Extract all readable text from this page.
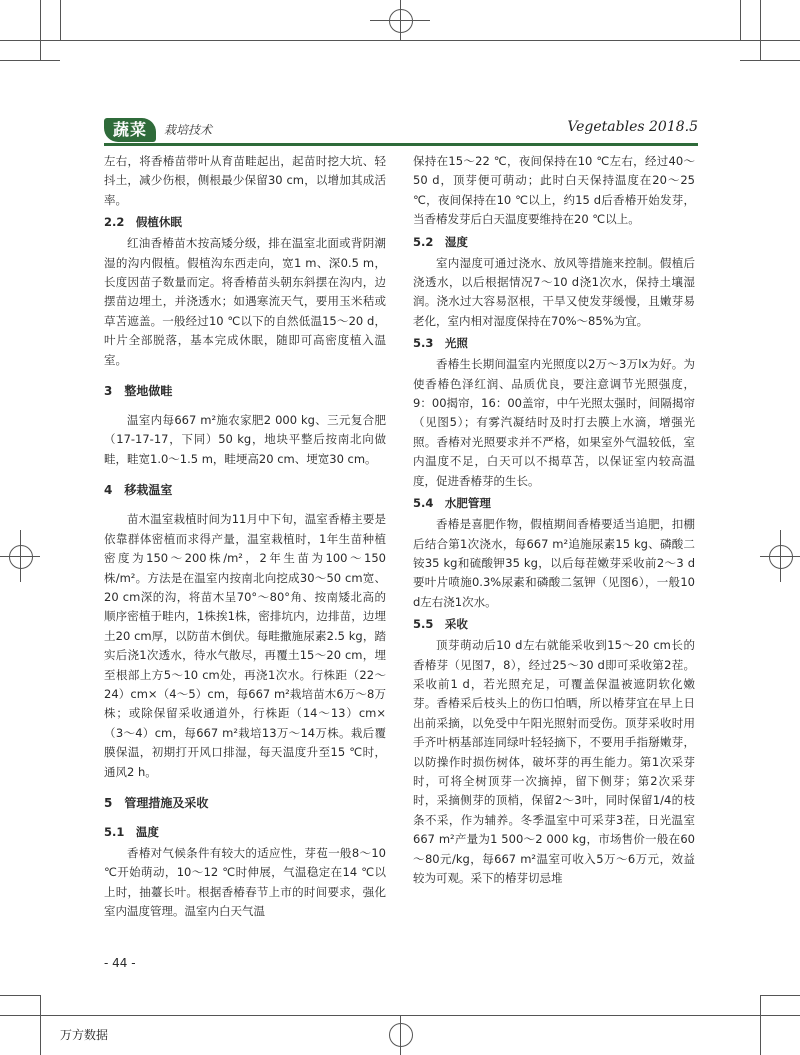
蔬菜	栽培技术	Vegetables 2018.5

左右，将香椿苗带叶从育苗畦起出，起苗时挖大坑、轻抖土，减少伤根，侧根最少保留30 cm，以增加其成活率。

2.2　假植休眠

红油香椿苗木按高矮分级，排在温室北面或背阴潮湿的沟内假植。假植沟东西走向，宽1 m、深0.5 m，长度因苗子数量而定。将香椿苗头朝东斜摆在沟内，边摆苗边埋土，并浇透水；如遇寒流天气，要用玉米秸或草苫遮盖。一般经过10 ℃以下的自然低温15～20 d，叶片全部脱落，基本完成休眠，随即可高密度植入温室。

3　整地做畦

温室内每667 m²施农家肥2 000 kg、三元复合肥（17-17-17，下同）50 kg，地块平整后按南北向做畦，畦宽1.0～1.5 m，畦埂高20 cm、埂宽30 cm。

4　移栽温室

苗木温室栽植时间为11月中下旬，温室香椿主要是依靠群体密植而求得产量，温室栽植时，1年生苗种植密度为150～200株/m²，2年生苗为100～150株/m²。方法是在温室内按南北向挖成30～50 cm宽、20 cm深的沟，将苗木呈70°～80°角、按南矮北高的顺序密植于畦内，1株挨1株，密排坑内，边排苗，边埋土20 cm厚，以防苗木倒伏。每畦撒施尿素2.5 kg，踏实后浇1次透水，待水气散尽，再覆土15～20 cm，埋至根部上方5～10 cm处，再浇1次水。行株距（22～24）cm×（4～5）cm，每667 m²栽培苗木6万～8万株；或除保留采收通道外，行株距（14～13）cm×（3～4）cm，每667 m²栽培13万～14万株。栽后覆膜保温，初期打开风口排湿，每天温度升至15 ℃时，通风2 h。

5　管理措施及采收
5.1　温度

香椿对气候条件有较大的适应性，芽苞一般8～10 ℃开始萌动，10～12 ℃时伸展，气温稳定在14 ℃以上时，抽薹长叶。根据香椿春节上市的时间要求，强化室内温度管理。温室内白天气温

保持在15～22 ℃，夜间保持在10 ℃左右，经过40～50 d，顶芽便可萌动；此时白天保持温度在20～25 ℃，夜间保持在10 ℃以上，约15 d后香椿开始发芽，当香椿发芽后白天温度要维持在20 ℃以上。

5.2　湿度

室内湿度可通过浇水、放风等措施来控制。假植后浇透水，以后根据情况7～10 d浇1次水，保持土壤湿润。浇水过大容易沤根，干旱又使发芽缓慢，且嫩芽易老化，室内相对湿度保持在70%～85%为宜。

5.3　光照

香椿生长期间温室内光照度以2万～3万lx为好。为使香椿色泽红润、品质优良，要注意调节光照强度，9：00揭帘，16：00盖帘，中午光照太强时，间隔揭帘（见图5）；有雾汽凝结时及时打去膜上水滴，增强光照。香椿对光照要求并不严格，如果室外气温较低，室内温度不足，白天可以不揭草苫，以保证室内较高温度，促进香椿芽的生长。

5.4　水肥管理

香椿是喜肥作物，假植期间香椿要适当追肥，扣棚后结合第1次浇水，每667 m²追施尿素15 kg、磷酸二铵35 kg和硫酸钾35 kg，以后每茬嫩芽采收前2～3 d要叶片喷施0.3%尿素和磷酸二氢钾（见图6），一般10 d左右浇1次水。

5.5　采收

顶芽萌动后10 d左右就能采收到15～20 cm长的香椿芽（见图7，8），经过25～30 d即可采收第2茬。采收前1 d，若光照充足，可覆盖保温被遮阴软化嫩芽。香椿采后枝头上的伤口怕晒，所以椿芽宜在早上日出前采摘，以免受中午阳光照射而受伤。顶芽采收时用手齐叶柄基部连同绿叶轻轻摘下，不要用手指掰嫩芽，以防操作时损伤树体，破坏芽的再生能力。第1次采芽时，可将全树顶芽一次摘掉，留下侧芽；第2次采芽时，采摘侧芽的顶梢，保留2～3叶，同时保留1/4的枝条不采，作为辅养。冬季温室中可采芽3茬，日光温室667 m²产量为1 500～2 000 kg，市场售价一般在60～80元/kg，每667 m²温室可收入5万～6万元，效益较为可观。采下的椿芽切忌堆

- 44 -
万方数据
